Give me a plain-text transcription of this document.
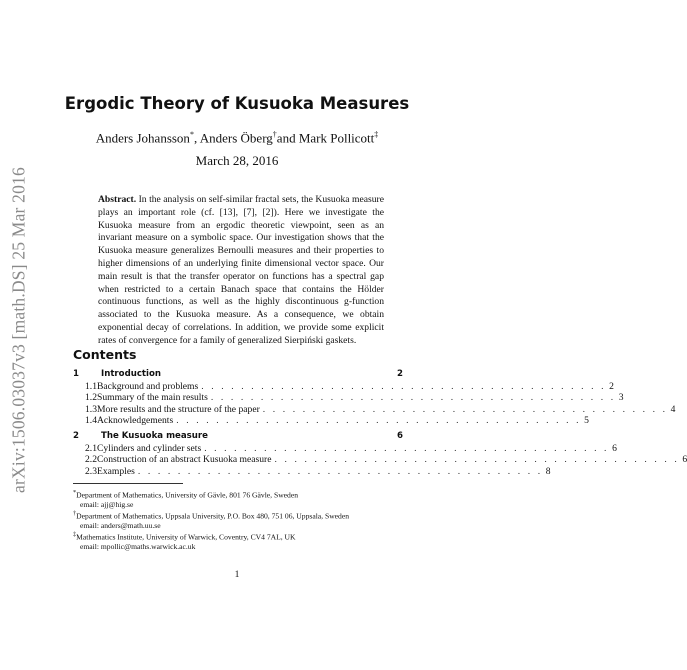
arXiv:1506.03037v3 [math.DS] 25 Mar 2016
Ergodic Theory of Kusuoka Measures
Anders Johansson*, Anders Öberg†and Mark Pollicott‡
March 28, 2016
Abstract. In the analysis on self-similar fractal sets, the Kusuoka measure plays an important role (cf. [13], [7], [2]). Here we investigate the Kusuoka measure from an ergodic theoretic viewpoint, seen as an invariant measure on a symbolic space. Our investigation shows that the Kusuoka measure generalizes Bernoulli measures and their properties to higher dimensions of an underlying finite dimensional vector space. Our main result is that the transfer operator on functions has a spectral gap when restricted to a certain Banach space that contains the Hölder continuous functions, as well as the highly discontinuous g-function associated to the Kusuoka measure. As a consequence, we obtain exponential decay of correlations. In addition, we provide some explicit rates of convergence for a family of generalized Sierpiński gaskets.
Contents
1	Introduction	2
1.1 Background and problems . . . . . . . . . . . . . . . . . . . . . . . . . . . . . . . . . . . . . . . . . 2
1.2 Summary of the main results . . . . . . . . . . . . . . . . . . . . . . . . . . . . . . . . . . . . . . . . . 3
1.3 More results and the structure of the paper . . . . . . . . . . . . . . . . . . . . . . . . . . . . . . . . . . . . . . . . . 4
1.4 Acknowledgements . . . . . . . . . . . . . . . . . . . . . . . . . . . . . . . . . . . . . . . . . 5
2	The Kusuoka measure	6
2.1 Cylinders and cylinder sets . . . . . . . . . . . . . . . . . . . . . . . . . . . . . . . . . . . . . . . . . 6
2.2 Construction of an abstract Kusuoka measure . . . . . . . . . . . . . . . . . . . . . . . . . . . . . . . . . . . . . . . . . 6
2.3 Examples . . . . . . . . . . . . . . . . . . . . . . . . . . . . . . . . . . . . . . . . . 8
*Department of Mathematics, University of Gävle, 801 76 Gävle, Sweden
email: ajj@hig.se
†Department of Mathematics, Uppsala University, P.O. Box 480, 751 06, Uppsala, Sweden
email: anders@math.uu.se
‡Mathematics Institute, University of Warwick, Coventry, CV4 7AL, UK
email: mpollic@maths.warwick.ac.uk
1
